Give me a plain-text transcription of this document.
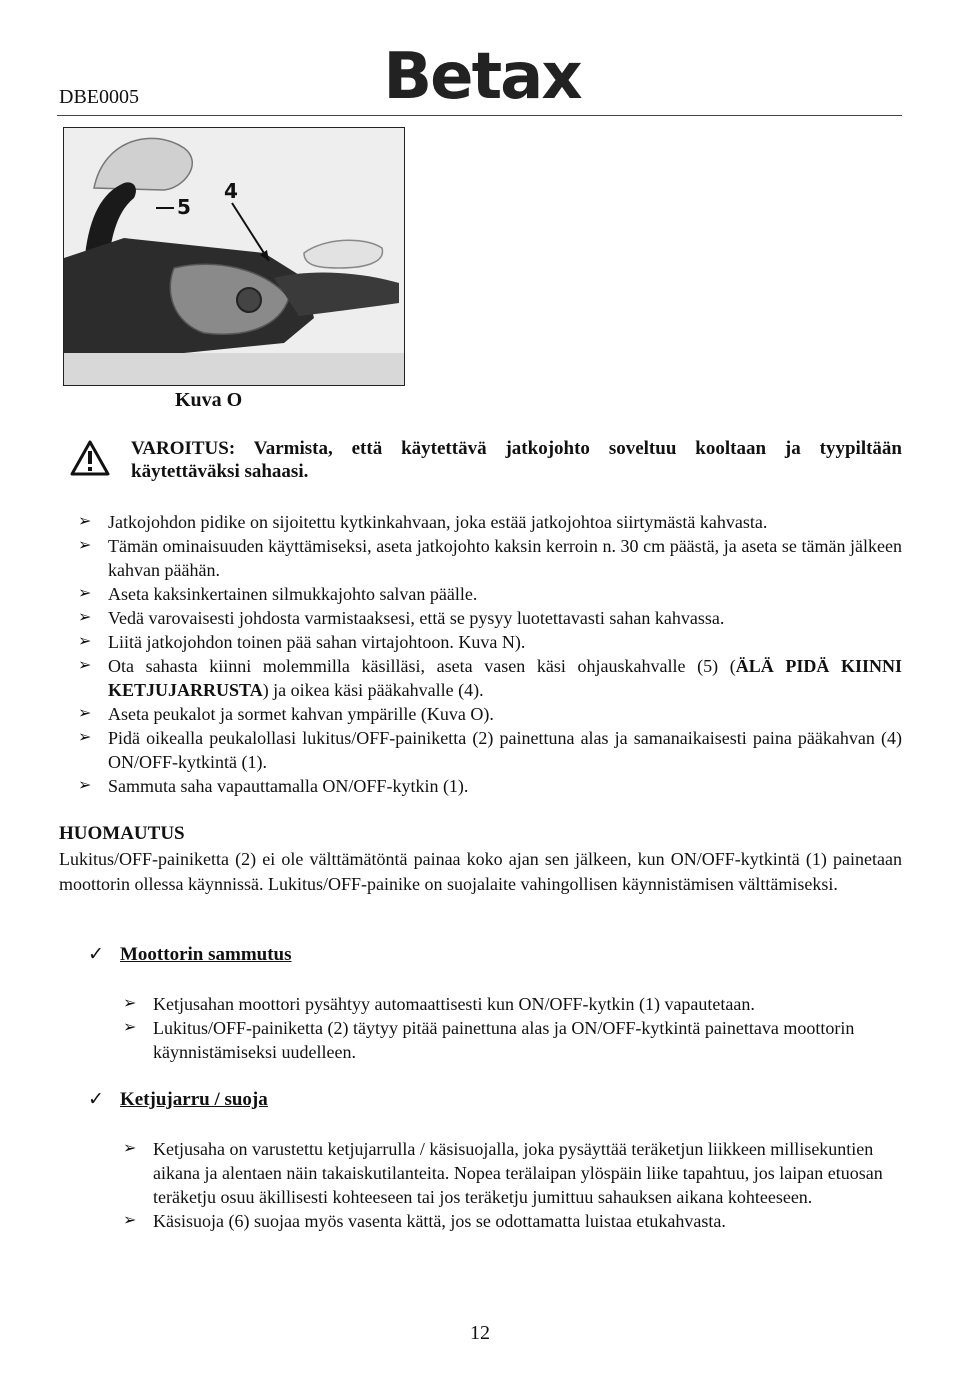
DBE0005	Betax
5
4
Kuva O
VAROITUS: Varmista, että käytettävä jatkojohto soveltuu kooltaan ja tyypiltään käytettäväksi sahaasi.
➢ Jatkojohdon pidike on sijoitettu kytkinkahvaan, joka estää jatkojohtoa siirtymästä kahvasta.
➢ Tämän ominaisuuden käyttämiseksi, aseta jatkojohto kaksin kerroin n. 30 cm päästä, ja aseta se tämän jälkeen kahvan päähän.
➢ Aseta kaksinkertainen silmukkajohto salvan päälle.
➢ Vedä varovaisesti johdosta varmistaaksesi, että se pysyy luotettavasti sahan kahvassa.
➢ Liitä jatkojohdon toinen pää sahan virtajohtoon. Kuva N).
➢ Ota sahasta kiinni molemmilla käsilläsi, aseta vasen käsi ohjauskahvalle (5) (ÄLÄ PIDÄ KIINNI KETJUJARRUSTA) ja oikea käsi pääkahvalle (4).
➢ Aseta peukalot ja sormet kahvan ympärille (Kuva O).
➢ Pidä oikealla peukalollasi lukitus/OFF-painiketta (2) painettuna alas ja samanaikaisesti paina pääkahvan (4) ON/OFF-kytkintä (1).
➢ Sammuta saha vapauttamalla ON/OFF-kytkin (1).
HUOMAUTUS
Lukitus/OFF-painiketta (2) ei ole välttämätöntä painaa koko ajan sen jälkeen, kun ON/OFF-kytkintä (1) painetaan moottorin ollessa käynnissä. Lukitus/OFF-painike on suojalaite vahingollisen käynnistämisen välttämiseksi.
✓ Moottorin sammutus
➢ Ketjusahan moottori pysähtyy automaattisesti kun ON/OFF-kytkin (1) vapautetaan.
➢ Lukitus/OFF-painiketta (2) täytyy pitää painettuna alas ja ON/OFF-kytkintä painettava moottorin käynnistämiseksi uudelleen.
✓ Ketjujarru / suoja
➢ Ketjusaha on varustettu ketjujarrulla / käsisuojalla, joka pysäyttää teräketjun liikkeen millisekuntien aikana ja alentaen näin takaiskutilanteita. Nopea terälaipan ylöspäin liike tapahtuu, jos laipan etuosan teräketju osuu äkillisesti kohteeseen tai jos teräketju jumittuu sahauksen aikana kohteeseen.
➢ Käsisuoja (6) suojaa myös vasenta kättä, jos se odottamatta luistaa etukahvasta.
12
